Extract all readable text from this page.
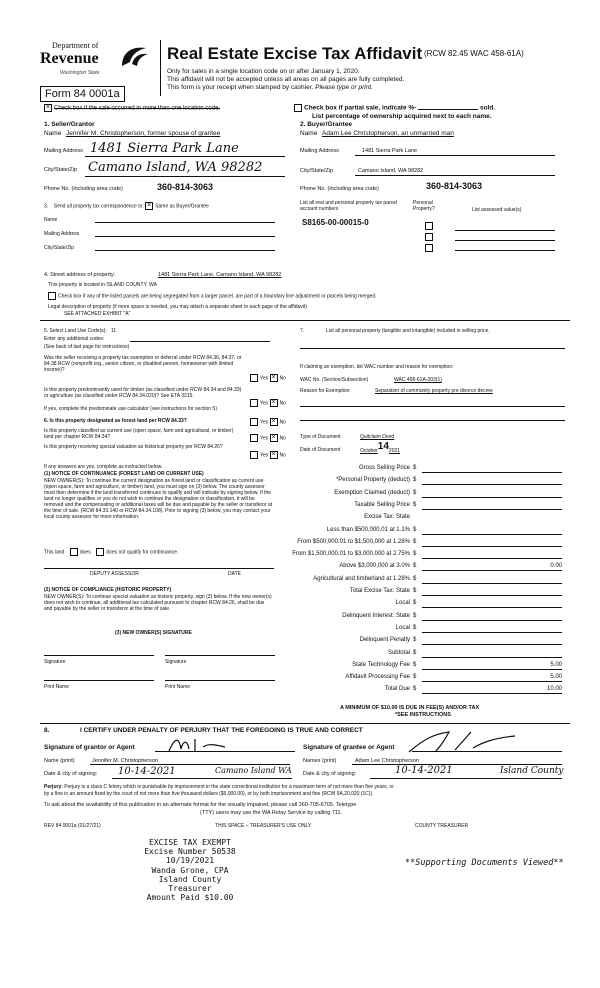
Department of
Revenue
Washington State
Form 84 0001a
Real Estate Excise Tax Affidavit (RCW 82.45 WAC 458-61A)
Only for sales in a single location code on or after January 1, 2020.
This affidavit will not be accepted unless all areas on all pages are fully completed.
This form is your receipt when stamped by cashier. Please type or print.
×Check box if the sale occurred in more than one location code.	Check box if partial sale, indicate %-	sold.
List percentage of ownership acquired next to each name.
1. Seller/Grantor
Name Jennifer M. Christopherson, former spouse of grantee
Mailing Address 1481 Sierra Park Lane
City/State/Zip Camano Island, WA 98282
Phone No. (including area code)	360-814-3063
2. Buyer/Grantee
Name Adam Lee Christopherson, an unmarried man
Mailing Address	1481 Sierra Park Lane
City/State/Zip	Camano Island, WA 98282
Phone No. (including area code)	360-814-3063
3.    Send all property tax correspondence to: × Same as Buyer/Grantee
Name
Mailing Address
City/State/Zip
List all real and personal property tax parcel account numbers
Personal Property?	List assessed value(s)
S8165-00-00015-0
4. Street address of property:	1481 Sierra Park Lane, Camano Island, WA 98282
This property is located in ISLAND COUNTY, WA
Check box if any of the listed parcels are being segregated from a larger parcel, are part of a boundary line adjustment or parcels being merged.
Legal description of property (if more space is needed, you may attach a separate sheet to each page of the affidavit)
SEE ATTACHED EXHIBIT "A"
5. Select Land Use Code(s): 11
Enter any additional codes:
(See back of last page for instructions)
Was the seller receiving a property tax exemption or deferral under RCW 84.36, 84.37, or 84.38 RCW (nonprofit org., senior citizen, or disabled person, homeowner with limited income)?
Yes × No
Is this property predominantly used for timber (as classified under RCW 84.34 and 84.33) or agriculture (as classified under RCW 84.34.020)? See ETA 3215.
Yes × No
If yes, complete the predominate use calculator (see instructions for section 5)
6. Is this property designated as forest land per RCW 84.33?	Yes × No
Is this property classified as current use (open space, farm and agricultural, or timber) land per chapter RCW 84.34?	Yes × No
Is this property receiving special valuation as historical property per RCW 84.26?
Yes × No
If any answers are yes, complete as instructed below.
(1) NOTICE OF CONTINUANCE (FOREST LAND OR CURRENT USE)
NEW OWNER(S): To continue the current designation as forest land or classification as current use (open space, farm and agriculture, or timber) land, you must sign on (3) below. The county assessor must then determine if the land transferred continues to qualify and will indicate by signing below. If the land no longer qualifies or you do not wish to continue the designation or classification, it will be removed and the compensating or additional taxes will be due and payable by the seller or transferor at the time of sale. (RCW 84.33.140 or RCW 84.34.108). Prior to signing (3) below, you may contact your local county assessor for more information.
This land	does	does not qualify for continuance.
DEPUTY ASSESSOR	DATE
(2) NOTICE OF COMPLIANCE (HISTORIC PROPERTY)
NEW OWNER(S): To continue special valuation as historic property, sign (3) below. If the new owner(s) does not wish to continue, all additional tax calculated pursuant to chapter RCW 84.26, shall be due and payable by the seller or transferor at the time of sale.
(3) NEW OWNER(S) SIGNATURE
Signature	Signature
Print Name	Print Name
7.	List all personal property (tangible and intangible) included in selling price.
If claiming an exemption, list WAC number and reason for exemption:
WAC No. (Section/Subsection)	WAC 458-61A-203(1)
Reason for Exemption	Separation of community property pre divorce decree
Type of Document	Quitclaim Deed
Date of Document	October142021
Gross Selling Price $
*Personal Property (deduct) $
Exemption Claimed (deduct) $
Taxable Selling Price $
Excise Tax: State
Less than $500,000.01 at 1.1% $
From $500,000.01 to $1,500,000 at 1.28% $
From $1,500,000.01 to $3,000,000 at 2.75% $
Above $3,000,000 at 3.0% $	0.00
Agricultural and timberland at 1.28% $
Total Excise Tax: State $
Local $
Delinquent Interest: State $
Local $
Delinquent Penalty $
Subtotal $
State Technology Fee $	5.00
Affidavit Processing Fee $	5.00
Total Due $	10.00
A MINIMUM OF $10.00 IS DUE IN FEE(S) AND/OR TAX
*SEE INSTRUCTIONS
8.	I CERTIFY UNDER PENALTY OF PERJURY THAT THE FOREGOING IS TRUE AND CORRECT
Signature of grantor or Agent	Signature of grantee or Agent
Name (print)	Jennifer M. Christopherson	Names (print)	Adam Lee Christopherson
Date & city of signing: 10-14-2021	Camano Island WA Date & city of signing:	10-14-2021	Island County
Perjury: Perjury is a class C felony which is punishable by imprisonment in the state correctional institution for a maximum term of not more than five years, or
by a fine in an amount fixed by the court of not more than five thousand dollars ($5,000.00), or by both imprisonment and fine (RCW 9A.20.020 (1C)).
To ask about the availability of this publication in an alternate format for the visually impaired, please call 360-705-6705. Teletype
(TTY) users may use the WA Relay Service by calling 711.
REV 84 0001a (01/27/21)	THIS SPACE – TREASURER'S USE ONLY	COUNTY TREASURER
EXCISE TAX EXEMPT
Excise Number 50538
10/19/2021
Wanda Grone, CPA
Island County Treasurer
Amount Paid $10.00
**Supporting Documents Viewed**
